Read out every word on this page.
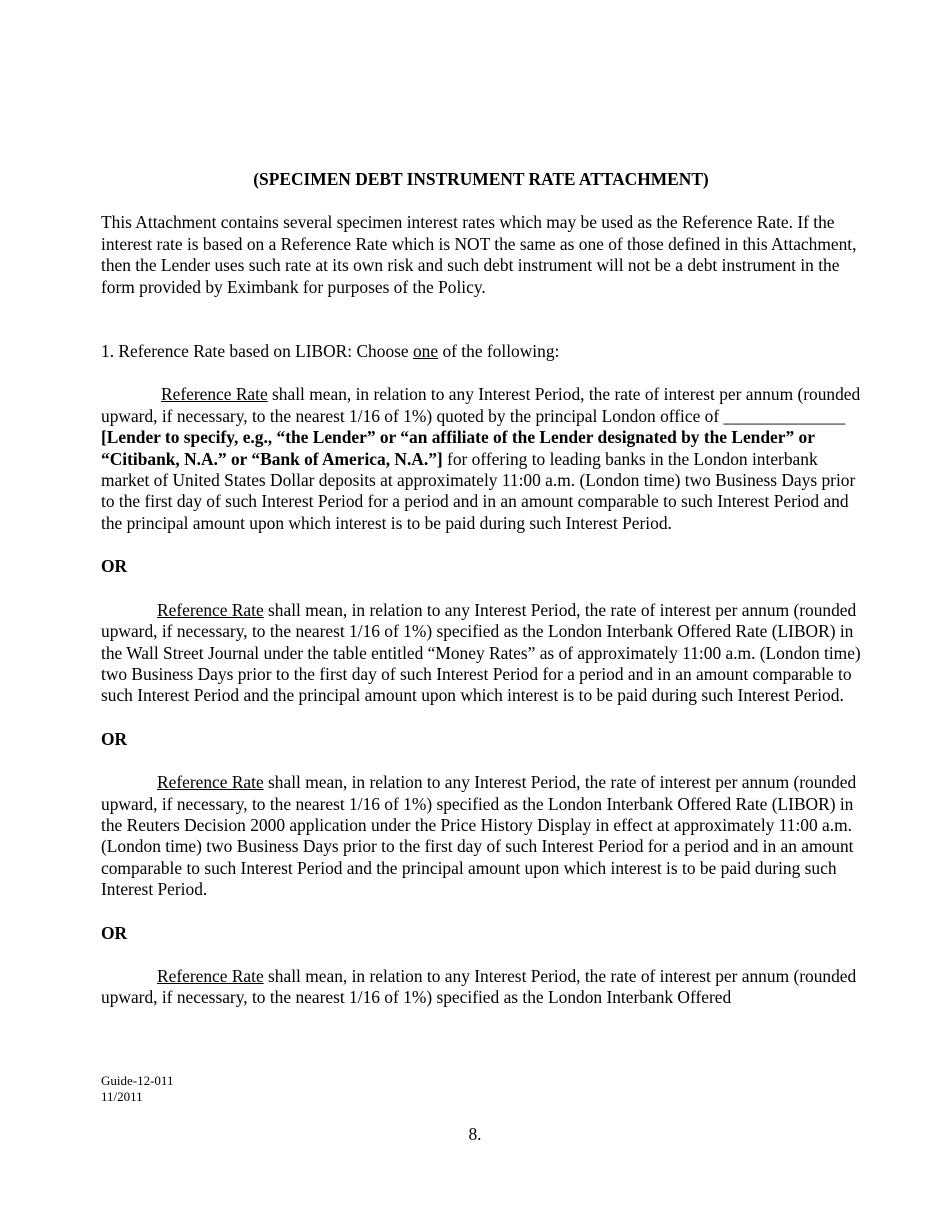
(SPECIMEN DEBT INSTRUMENT RATE ATTACHMENT)

This Attachment contains several specimen interest rates which may be used as the Reference Rate. If the interest rate is based on a Reference Rate which is NOT the same as one of those defined in this Attachment, then the Lender uses such rate at its own risk and such debt instrument will not be a debt instrument in the form provided by Eximbank for purposes of the Policy.

1. Reference Rate based on LIBOR: Choose one of the following:

Reference Rate shall mean, in relation to any Interest Period, the rate of interest per annum (rounded upward, if necessary, to the nearest 1/16 of 1%) quoted by the principal London office of ______________ [Lender to specify, e.g., “the Lender” or “an affiliate of the Lender designated by the Lender” or “Citibank, N.A.” or “Bank of America, N.A.”] for offering to leading banks in the London interbank market of United States Dollar deposits at approximately 11:00 a.m. (London time) two Business Days prior to the first day of such Interest Period for a period and in an amount comparable to such Interest Period and the principal amount upon which interest is to be paid during such Interest Period.

OR

Reference Rate shall mean, in relation to any Interest Period, the rate of interest per annum (rounded upward, if necessary, to the nearest 1/16 of 1%) specified as the London Interbank Offered Rate (LIBOR) in the Wall Street Journal under the table entitled “Money Rates” as of approximately 11:00 a.m. (London time) two Business Days prior to the first day of such Interest Period for a period and in an amount comparable to such Interest Period and the principal amount upon which interest is to be paid during such Interest Period.

OR

Reference Rate shall mean, in relation to any Interest Period, the rate of interest per annum (rounded upward, if necessary, to the nearest 1/16 of 1%) specified as the London Interbank Offered Rate (LIBOR) in the Reuters Decision 2000 application under the Price History Display in effect at approximately 11:00 a.m. (London time) two Business Days prior to the first day of such Interest Period for a period and in an amount comparable to such Interest Period and the principal amount upon which interest is to be paid during such Interest Period.

OR

Reference Rate shall mean, in relation to any Interest Period, the rate of interest per annum (rounded upward, if necessary, to the nearest 1/16 of 1%) specified as the London Interbank Offered

Guide-12-011
11/2011
8.
